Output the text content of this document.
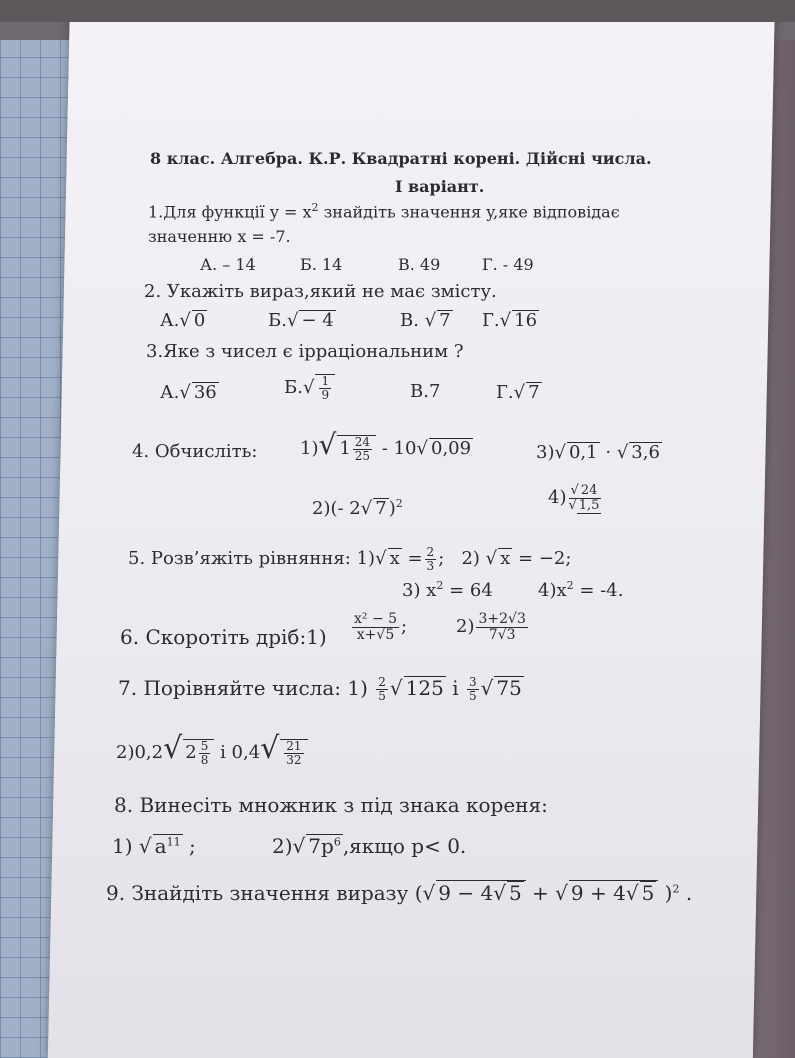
8 клас. Алгебра. К.Р. Квадратні корені. Дійсні числа.
I варіант.
1.Для функції $y = x^2$ знайдіть значення y,яке відповідає
значенню x = -7.
А. – 14	Б. 14	В. 49	Г. - 49
2. Укажіть вираз,який не має змісту.
А.√ 0	Б.√ − 4	В. √ 7 Г.√ 16
3.Яке з чисел є ірраціональним ?
А.√ 36	$Б.√ \frac{1}{9}$	В.7	Г.√ 7
4. Обчисліть: 1)√ $1 \frac{24}{25} - 10√$ 0,09	3)√ 0,1 · √ 3,6
2)(- 2√ 7 )$^2$	$4) \frac{√ 24}{√ 1,5}$
5. Розв’яжіть рівняння: 1)√ $x = \frac{2}{3}$ ; 2) √ x = −2;
3) $x^2 = 64$	$4)x^2 = -4$.
6. Скоротіть дріб:1) $\frac{\text{x² − 5}}{x+√5}$ ;	$2) \frac{3+2√3}{7√3}$
7. Порівняйте числа: $1) \frac{2}{5}$
√ 125 і $\frac{3}{5}$
√ 75
2)0,2√ $2 \frac{5}{8}$ і $0,4√ \frac{21}{32}$
8. Винесіть множник з під знака кореня:
1) √ $a^{11}$ ;	2)√ $7p^6$ ,якщо p< 0.
9. Знайдіть значення виразу (√ 9 − 4√ 5 + √ 9 + 4√ 5 )$^2$ .
